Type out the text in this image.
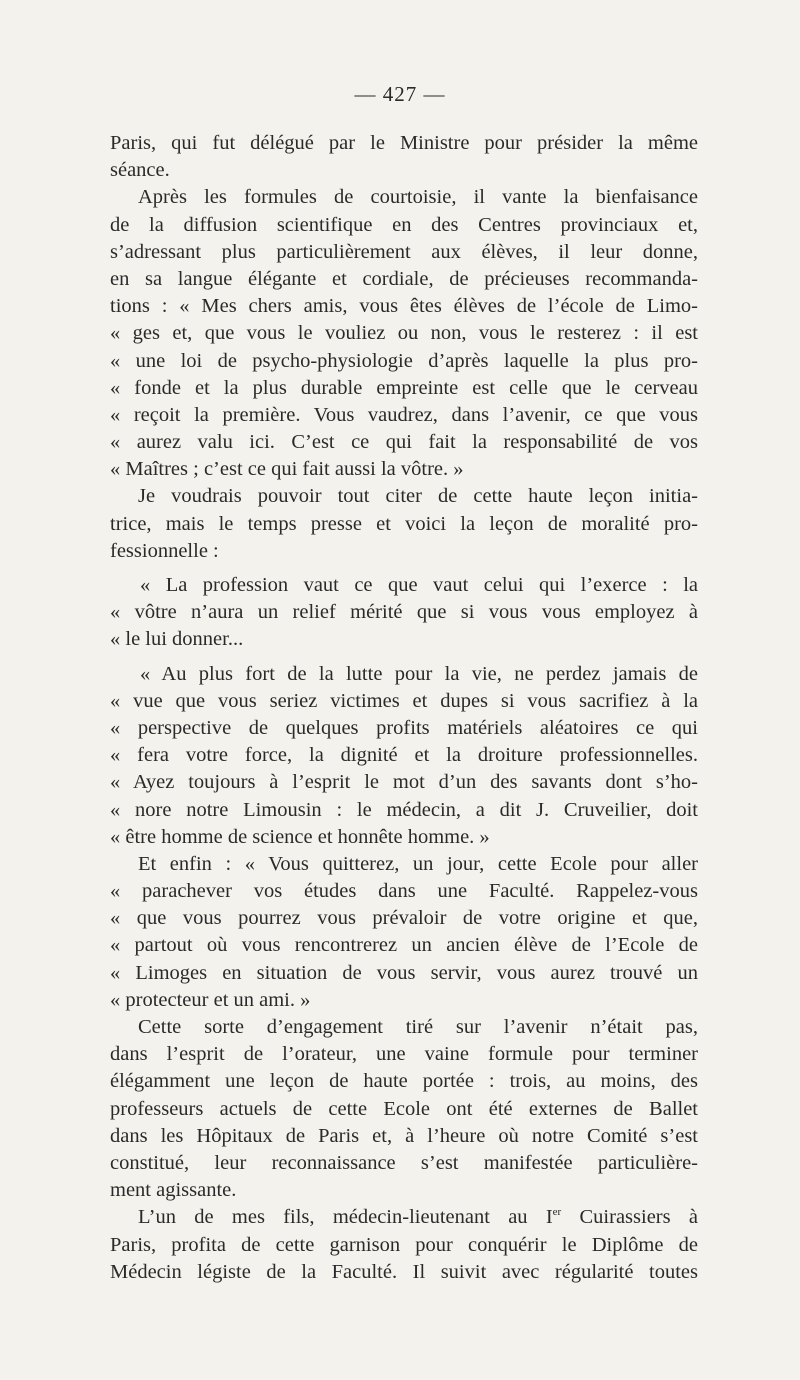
— 427 —
Paris, qui fut délégué par le Ministre pour présider la même
séance.
Après les formules de courtoisie, il vante la bienfaisance
de la diffusion scientifique en des Centres provinciaux et,
s’adressant plus particulièrement aux élèves, il leur donne,
en sa langue élégante et cordiale, de précieuses recommanda-
tions : « Mes chers amis, vous êtes élèves de l’école de Limo-
« ges et, que vous le vouliez ou non, vous le resterez : il est
« une loi de psycho-physiologie d’après laquelle la plus pro-
« fonde et la plus durable empreinte est celle que le cerveau
« reçoit la première. Vous vaudrez, dans l’avenir, ce que vous
« aurez valu ici. C’est ce qui fait la responsabilité de vos
« Maîtres ; c’est ce qui fait aussi la vôtre. »
Je voudrais pouvoir tout citer de cette haute leçon initia-
trice, mais le temps presse et voici la leçon de moralité pro-
fessionnelle :
« La profession vaut ce que vaut celui qui l’exerce : la
« vôtre n’aura un relief mérité que si vous vous employez à
« le lui donner...
« Au plus fort de la lutte pour la vie, ne perdez jamais de
« vue que vous seriez victimes et dupes si vous sacrifiez à la
« perspective de quelques profits matériels aléatoires ce qui
« fera votre force, la dignité et la droiture professionnelles.
« Ayez toujours à l’esprit le mot d’un des savants dont s’ho-
« nore notre Limousin : le médecin, a dit J. Cruveilier, doit
« être homme de science et honnête homme. »
Et enfin : « Vous quitterez, un jour, cette Ecole pour aller
« parachever vos études dans une Faculté. Rappelez-vous
« que vous pourrez vous prévaloir de votre origine et que,
« partout où vous rencontrerez un ancien élève de l’Ecole de
« Limoges en situation de vous servir, vous aurez trouvé un
« protecteur et un ami. »
Cette sorte d’engagement tiré sur l’avenir n’était pas,
dans l’esprit de l’orateur, une vaine formule pour terminer
élégamment une leçon de haute portée : trois, au moins, des
professeurs actuels de cette Ecole ont été externes de Ballet
dans les Hôpitaux de Paris et, à l’heure où notre Comité s’est
constitué, leur reconnaissance s’est manifestée particulière-
ment agissante.
L’un de mes fils, médecin-lieutenant au Ier Cuirassiers à
Paris, profita de cette garnison pour conquérir le Diplôme de
Médecin légiste de la Faculté. Il suivit avec régularité toutes
